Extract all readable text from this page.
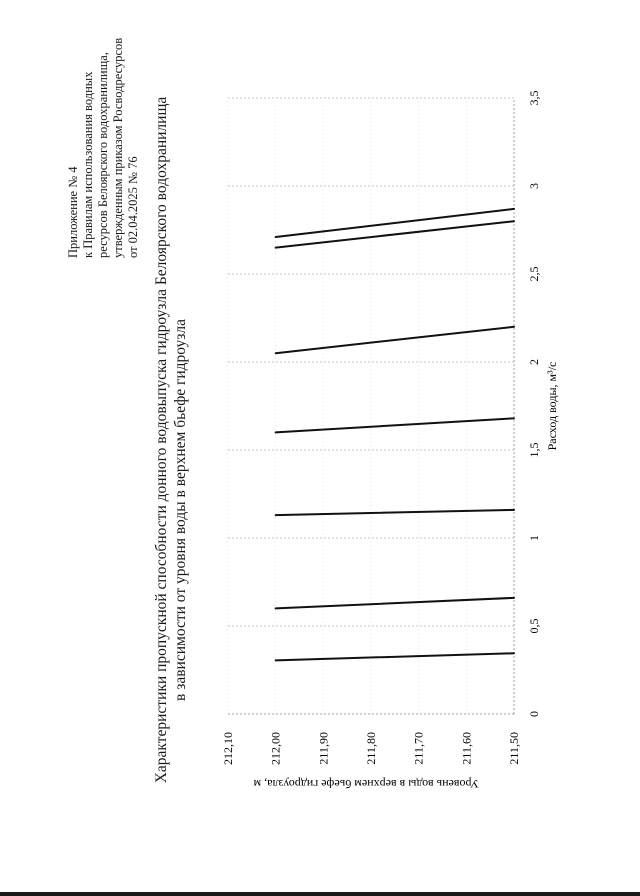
Приложение № 4 к Правилам использования водных ресурсов Белоярского водохранилища, утвержденным приказом Росводресурсов от 02.04.2025 № 76 Характеристики пропускной способности донного водовыпуска гидроузла Белоярского водохранилища в зависимости от уровня воды в верхнем бьефе гидроузла
0
0,5
1
1,5
2
2,5
3
3,5
211,50
211,60
211,70
211,80
211,90
212,00
212,10
Расход воды, м³/с
Уровень воды в верхнем бьефе гидроузла, м
